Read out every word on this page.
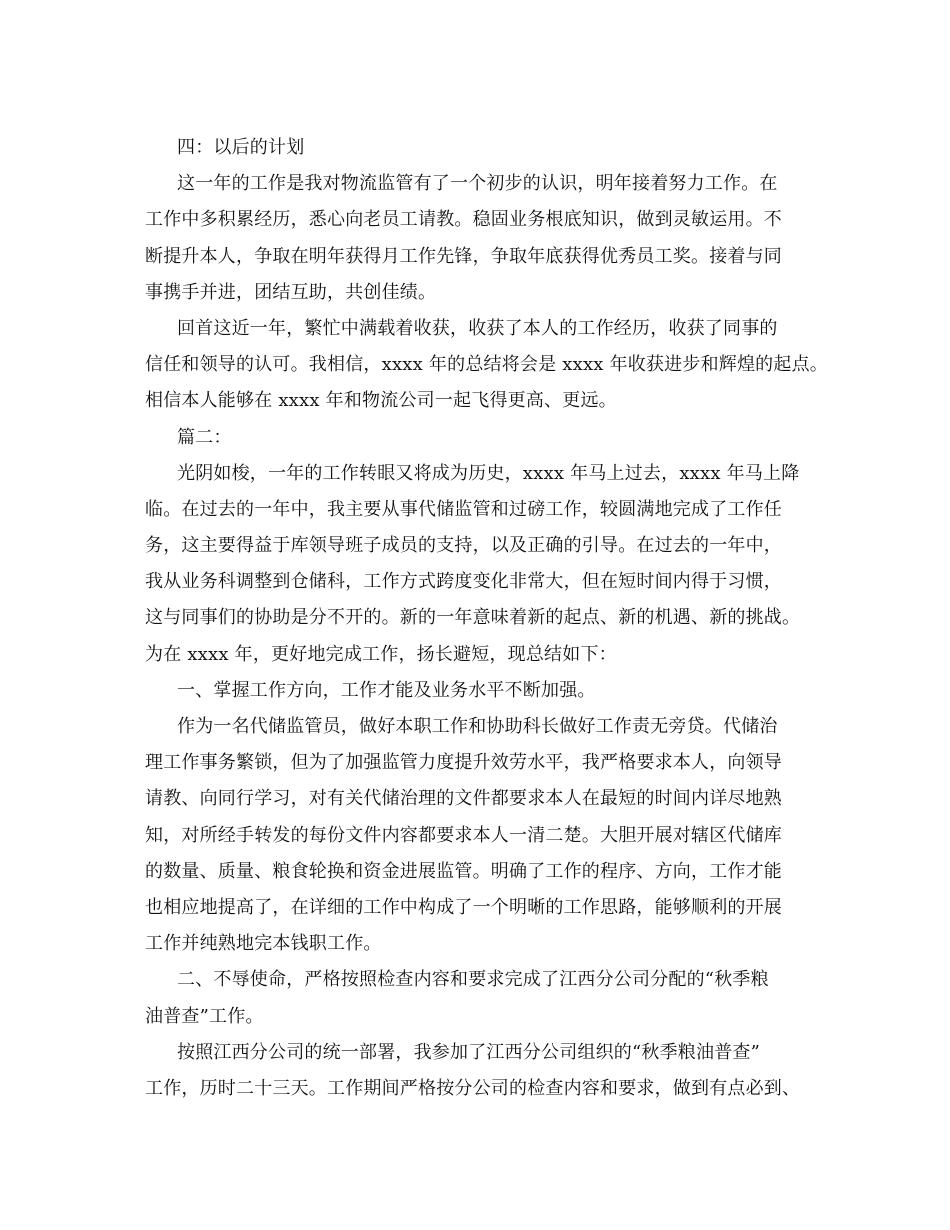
四：以后的计划
这一年的工作是我对物流监管有了一个初步的认识，明年接着努力工作。在
工作中多积累经历，悉心向老员工请教。稳固业务根底知识，做到灵敏运用。不
断提升本人，争取在明年获得月工作先锋，争取年底获得优秀员工奖。接着与同
事携手并进，团结互助，共创佳绩。
回首这近一年，繁忙中满载着收获，收获了本人的工作经历，收获了同事的
信任和领导的认可。我相信，xxxx 年的总结将会是 xxxx 年收获进步和辉煌的起点。
相信本人能够在 xxxx 年和物流公司一起飞得更高、更远。
篇二：
光阴如梭，一年的工作转眼又将成为历史，xxxx 年马上过去，xxxx 年马上降
临。在过去的一年中，我主要从事代储监管和过磅工作，较圆满地完成了工作任
务，这主要得益于库领导班子成员的支持，以及正确的引导。在过去的一年中，
我从业务科调整到仓储科，工作方式跨度变化非常大，但在短时间内得于习惯，
这与同事们的协助是分不开的。新的一年意味着新的起点、新的机遇、新的挑战。
为在 xxxx 年，更好地完成工作，扬长避短，现总结如下：
一、掌握工作方向，工作才能及业务水平不断加强。
作为一名代储监管员，做好本职工作和协助科长做好工作责无旁贷。代储治
理工作事务繁锁，但为了加强监管力度提升效劳水平，我严格要求本人，向领导
请教、向同行学习，对有关代储治理的文件都要求本人在最短的时间内详尽地熟
知，对所经手转发的每份文件内容都要求本人一清二楚。大胆开展对辖区代储库
的数量、质量、粮食轮换和资金进展监管。明确了工作的程序、方向，工作才能
也相应地提高了，在详细的工作中构成了一个明晰的工作思路，能够顺利的开展
工作并纯熟地完本钱职工作。
二、不辱使命，严格按照检查内容和要求完成了江西分公司分配的“秋季粮
油普查”工作。
按照江西分公司的统一部署，我参加了江西分公司组织的“秋季粮油普查”
工作，历时二十三天。工作期间严格按分公司的检查内容和要求，做到有点必到、
